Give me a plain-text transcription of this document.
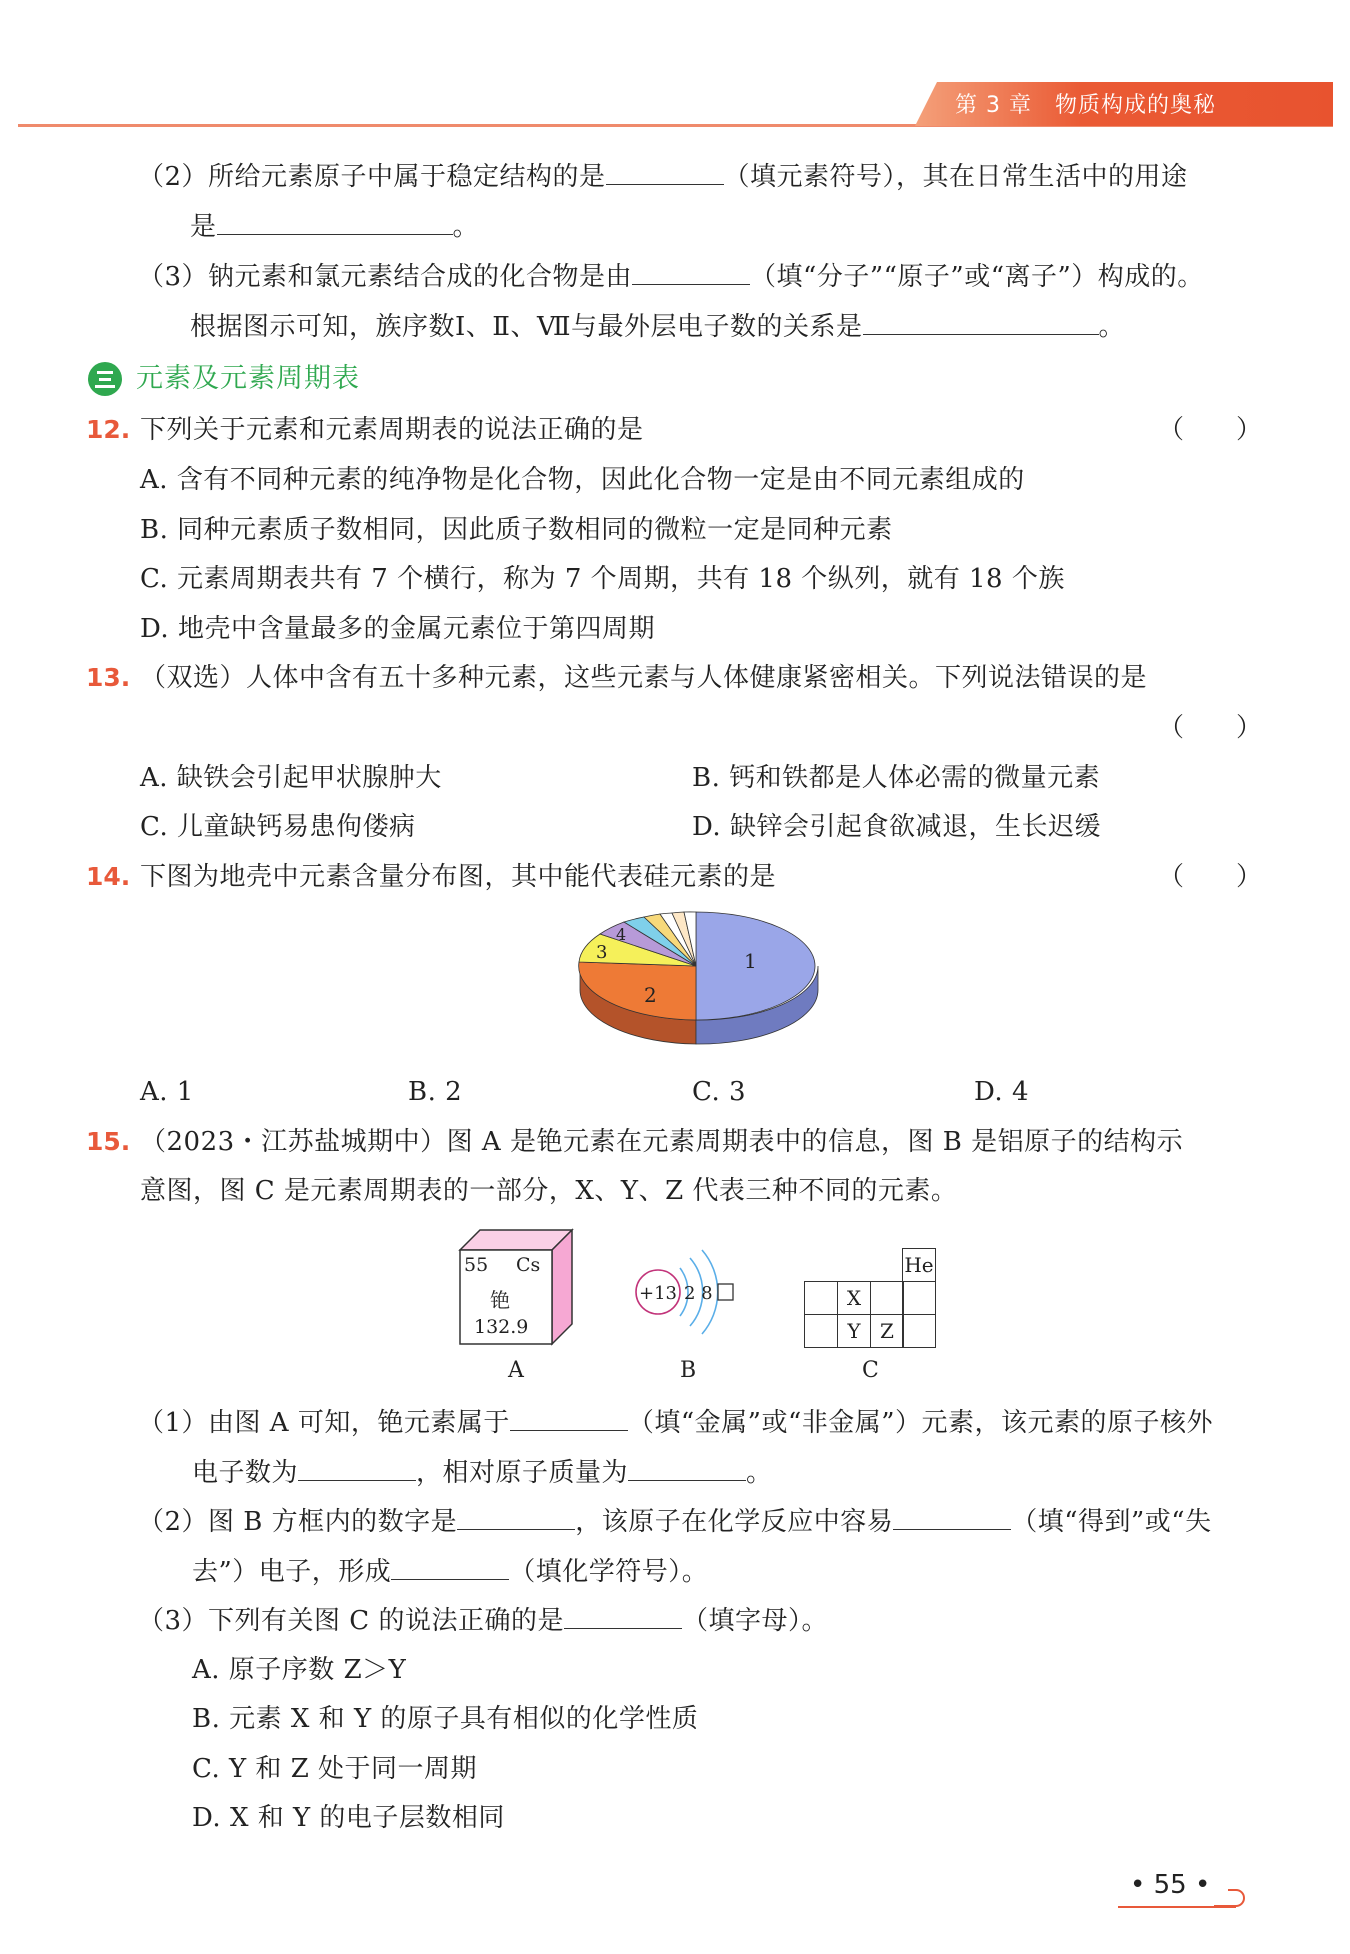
第 3 章　 物质构成的奥秘
（2）所给元素原子中属于稳定结构的是	（填元素符号），其在日常生活中的用途
是	。
（3）钠元素和氯元素结合成的化合物是由	（填“分子”“原子”或“离子”）构成的。
根据图示可知，族序数Ⅰ、Ⅱ、Ⅶ与最外层电子数的关系是	。
元素及元素周期表
12. 下列关于元素和元素周期表的说法正确的是	（　　）
A. 含有不同种元素的纯净物是化合物，因此化合物一定是由不同元素组成的
B. 同种元素质子数相同，因此质子数相同的微粒一定是同种元素
C. 元素周期表共有 7 个横行，称为 7 个周期，共有 18 个纵列，就有 18 个族
D. 地壳中含量最多的金属元素位于第四周期
13. （双选）人体中含有五十多种元素，这些元素与人体健康紧密相关。下列说法错误的是
（　　）
A. 缺铁会引起甲状腺肿大	B. 钙和铁都是人体必需的微量元素
C. 儿童缺钙易患佝偻病	D. 缺锌会引起食欲减退，生长迟缓
14. 下图为地壳中元素含量分布图，其中能代表硅元素的是	（　　）
1
2
3
4
A. 1	B. 2	C. 3	D. 4
15. （2023・江苏盐城期中）图 A 是铯元素在元素周期表中的信息，图 B 是铝原子的结构示
意图，图 C 是元素周期表的一部分，X、Y、Z 代表三种不同的元素。
55 Cs
铯
132.9
A
+13 2 8
B
He
X
Y Z
C
（1）由图 A 可知，铯元素属于	（填“金属”或“非金属”）元素，该元素的原子核外
电子数为	，相对原子质量为	。
（2）图 B 方框内的数字是	，该原子在化学反应中容易	（填“得到”或“失
去”）电子，形成	（填化学符号）。
（3）下列有关图 C 的说法正确的是	（填字母）。
A. 原子序数 Z＞Y
B. 元素 X 和 Y 的原子具有相似的化学性质
C. Y 和 Z 处于同一周期
D. X 和 Y 的电子层数相同
• 55 •
